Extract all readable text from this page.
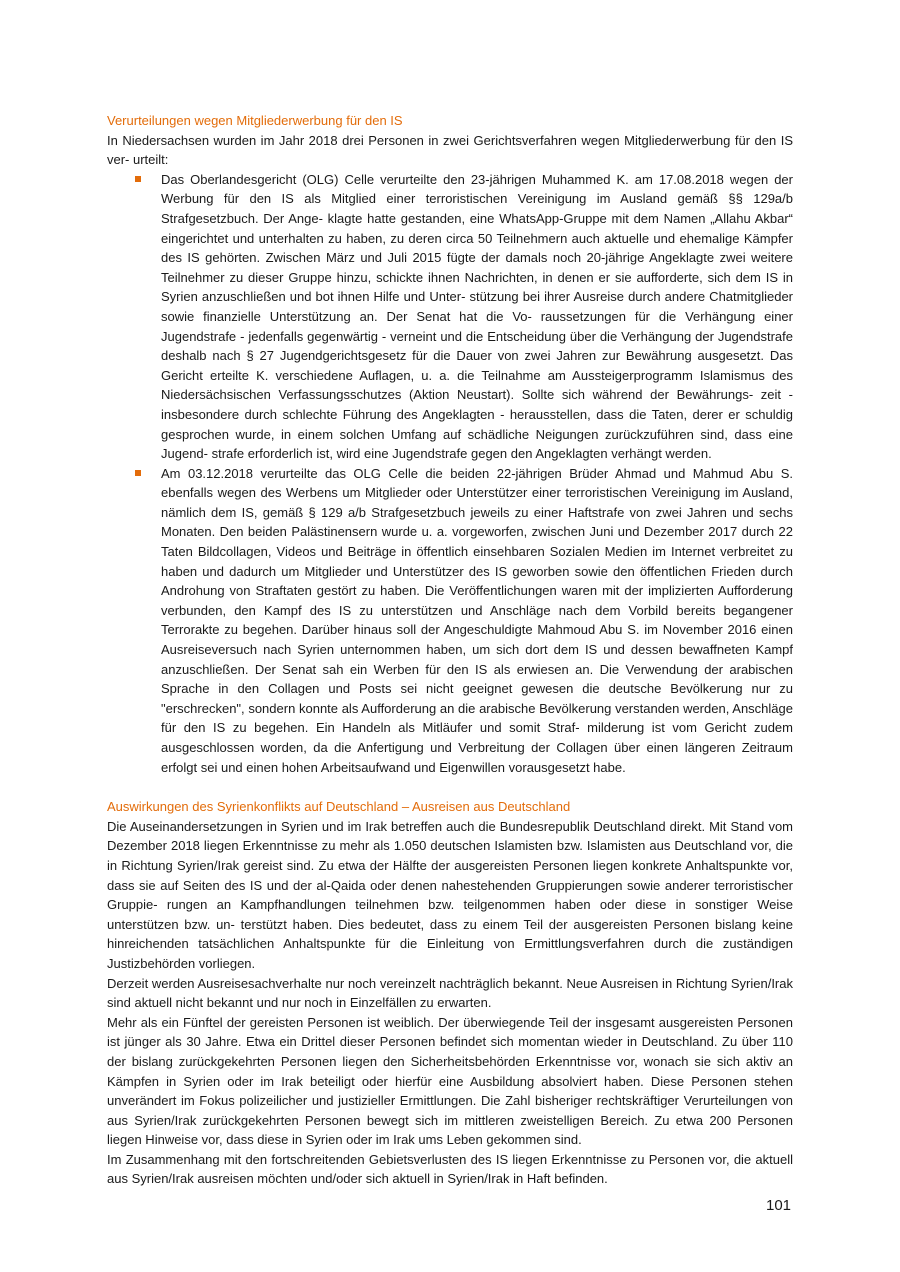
Verurteilungen wegen Mitgliederwerbung für den IS

In Niedersachsen wurden im Jahr 2018 drei Personen in zwei Gerichtsverfahren wegen Mitgliederwerbung für den IS ver- urteilt:

Das Oberlandesgericht (OLG) Celle verurteilte den 23-jährigen Muhammed K. am 17.08.2018 wegen der Werbung für den IS als Mitglied einer terroristischen Vereinigung im Ausland gemäß §§ 129a/b Strafgesetzbuch. Der Ange- klagte hatte gestanden, eine WhatsApp-Gruppe mit dem Namen „Allahu Akbar“ eingerichtet und unterhalten zu haben, zu deren circa 50 Teilnehmern auch aktuelle und ehemalige Kämpfer des IS gehörten. Zwischen März und Juli 2015 fügte der damals noch 20-jährige Angeklagte zwei weitere Teilnehmer zu dieser Gruppe hinzu, schickte ihnen Nachrichten, in denen er sie aufforderte, sich dem IS in Syrien anzuschließen und bot ihnen Hilfe und Unter- stützung bei ihrer Ausreise durch andere Chatmitglieder sowie finanzielle Unterstützung an. Der Senat hat die Vo- raussetzungen für die Verhängung einer Jugendstrafe - jedenfalls gegenwärtig - verneint und die Entscheidung über die Verhängung der Jugendstrafe deshalb nach § 27 Jugendgerichtsgesetz für die Dauer von zwei Jahren zur Bewährung ausgesetzt. Das Gericht erteilte K. verschiedene Auflagen, u. a. die Teilnahme am Aussteigerprogramm Islamismus des Niedersächsischen Verfassungsschutzes (Aktion Neustart). Sollte sich während der Bewährungs- zeit - insbesondere durch schlechte Führung des Angeklagten - herausstellen, dass die Taten, derer er schuldig gesprochen wurde, in einem solchen Umfang auf schädliche Neigungen zurückzuführen sind, dass eine Jugend- strafe erforderlich ist, wird eine Jugendstrafe gegen den Angeklagten verhängt werden.
Am 03.12.2018 verurteilte das OLG Celle die beiden 22-jährigen Brüder Ahmad und Mahmud Abu S. ebenfalls wegen des Werbens um Mitglieder oder Unterstützer einer terroristischen Vereinigung im Ausland, nämlich dem IS, gemäß § 129 a/b Strafgesetzbuch jeweils zu einer Haftstrafe von zwei Jahren und sechs Monaten. Den beiden Palästinensern wurde u. a. vorgeworfen, zwischen Juni und Dezember 2017 durch 22 Taten Bildcollagen, Videos und Beiträge in öffentlich einsehbaren Sozialen Medien im Internet verbreitet zu haben und dadurch um Mitglieder und Unterstützer des IS geworben sowie den öffentlichen Frieden durch Androhung von Straftaten gestört zu haben. Die Veröffentlichungen waren mit der implizierten Aufforderung verbunden, den Kampf des IS zu unterstützen und Anschläge nach dem Vorbild bereits begangener Terrorakte zu begehen. Darüber hinaus soll der Angeschuldigte Mahmoud Abu S. im November 2016 einen Ausreiseversuch nach Syrien unternommen haben, um sich dort dem IS und dessen bewaffneten Kampf anzuschließen. Der Senat sah ein Werben für den IS als erwiesen an. Die Verwendung der arabischen Sprache in den Collagen und Posts sei nicht geeignet gewesen die deutsche Bevölkerung nur zu "erschrecken", sondern konnte als Aufforderung an die arabische Bevölkerung verstanden werden, Anschläge für den IS zu begehen. Ein Handeln als Mitläufer und somit Straf- milderung ist vom Gericht zudem ausgeschlossen worden, da die Anfertigung und Verbreitung der Collagen über einen längeren Zeitraum erfolgt sei und einen hohen Arbeitsaufwand und Eigenwillen vorausgesetzt habe.

Auswirkungen des Syrienkonflikts auf Deutschland – Ausreisen aus Deutschland

Die Auseinandersetzungen in Syrien und im Irak betreffen auch die Bundesrepublik Deutschland direkt. Mit Stand vom Dezember 2018 liegen Erkenntnisse zu mehr als 1.050 deutschen Islamisten bzw. Islamisten aus Deutschland vor, die in Richtung Syrien/Irak gereist sind. Zu etwa der Hälfte der ausgereisten Personen liegen konkrete Anhaltspunkte vor, dass sie auf Seiten des IS und der al-Qaida oder denen nahestehenden Gruppierungen sowie anderer terroristischer Gruppie- rungen an Kampfhandlungen teilnehmen bzw. teilgenommen haben oder diese in sonstiger Weise unterstützen bzw. un- terstützt haben. Dies bedeutet, dass zu einem Teil der ausgereisten Personen bislang keine hinreichenden tatsächlichen Anhaltspunkte für die Einleitung von Ermittlungsverfahren durch die zuständigen Justizbehörden vorliegen.

Derzeit werden Ausreisesachverhalte nur noch vereinzelt nachträglich bekannt. Neue Ausreisen in Richtung Syrien/Irak sind aktuell nicht bekannt und nur noch in Einzelfällen zu erwarten.

Mehr als ein Fünftel der gereisten Personen ist weiblich. Der überwiegende Teil der insgesamt ausgereisten Personen ist jünger als 30 Jahre. Etwa ein Drittel dieser Personen befindet sich momentan wieder in Deutschland. Zu über 110 der bislang zurückgekehrten Personen liegen den Sicherheitsbehörden Erkenntnisse vor, wonach sie sich aktiv an Kämpfen in Syrien oder im Irak beteiligt oder hierfür eine Ausbildung absolviert haben. Diese Personen stehen unverändert im Fokus polizeilicher und justizieller Ermittlungen. Die Zahl bisheriger rechtskräftiger Verurteilungen von aus Syrien/Irak zurückgekehrten Personen bewegt sich im mittleren zweistelligen Bereich. Zu etwa 200 Personen liegen Hinweise vor, dass diese in Syrien oder im Irak ums Leben gekommen sind.

Im Zusammenhang mit den fortschreitenden Gebietsverlusten des IS liegen Erkenntnisse zu Personen vor, die aktuell aus Syrien/Irak ausreisen möchten und/oder sich aktuell in Syrien/Irak in Haft befinden.

101
